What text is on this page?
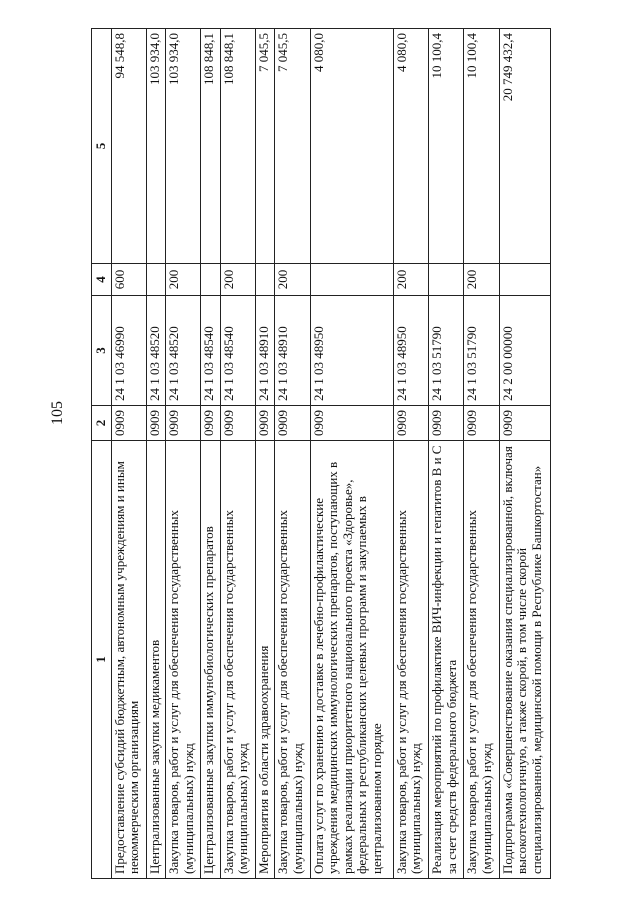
105
1	2	3	4	5
Предоставление субсидий бюджетным, автономным учреждениям и иным некоммерческим организациям	0909	24 1 03 46990	600	94 548,8
Централизованные закупки медикаментов	0909	24 1 03 48520		103 934,0
Закупка товаров, работ и услуг для обеспечения государственных (муниципальных) нужд	0909	24 1 03 48520	200	103 934,0
Централизованные закупки иммунобиологических препаратов	0909	24 1 03 48540		108 848,1
Закупка товаров, работ и услуг для обеспечения государственных (муниципальных) нужд	0909	24 1 03 48540	200	108 848,1
Мероприятия в области здравоохранения	0909	24 1 03 48910		7 045,5
Закупка товаров, работ и услуг для обеспечения государственных (муниципальных) нужд	0909	24 1 03 48910	200	7 045,5
Оплата услуг по хранению и доставке в лечебно-профилактические учреждения медицинских иммунологических препаратов, поступающих в рамках реализации приоритетного национального проекта «Здоровье», федеральных и республиканских целевых программ и закупаемых в централизованном порядке	0909	24 1 03 48950		4 080,0
Закупка товаров, работ и услуг для обеспечения государственных (муниципальных) нужд	0909	24 1 03 48950	200	4 080,0
Реализация мероприятий по профилактике ВИЧ-инфекции и гепатитов B и C за счет средств федерального бюджета	0909	24 1 03 51790		10 100,4
Закупка товаров, работ и услуг для обеспечения государственных (муниципальных) нужд	0909	24 1 03 51790	200	10 100,4
Подпрограмма «Совершенствование оказания специализированной, включая высокотехнологичную, а также скорой, в том числе скорой специализированной, медицинской помощи в Республике Башкортостан»	0909	24 2 00 00000		20 749 432,4
